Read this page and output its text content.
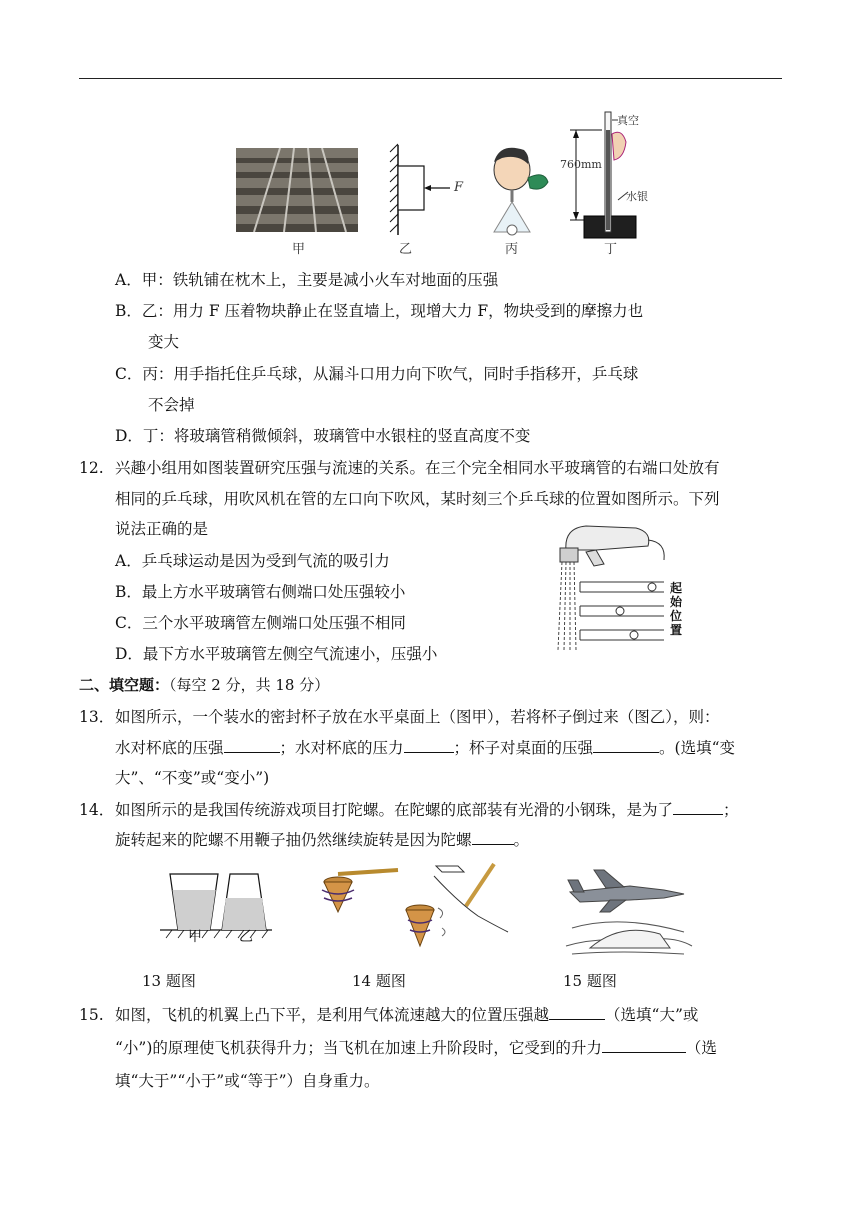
甲
F
乙	丙
真空
760mm
水银
丁
A．甲：铁轨铺在枕木上，主要是减小火车对地面的压强
B．乙：用力 F 压着物块静止在竖直墙上，现增大力 F，物块受到的摩擦力也
变大
C．丙：用手指托住乒乓球，从漏斗口用力向下吹气，同时手指移开，乒乓球
不会掉
D．丁：将玻璃管稍微倾斜，玻璃管中水银柱的竖直高度不变
12. 兴趣小组用如图装置研究压强与流速的关系。在三个完全相同水平玻璃管的右端口处放有
相同的乒乓球，用吹风机在管的左口向下吹风，某时刻三个乒乓球的位置如图所示。下列
说法正确的是
A．乒乓球运动是因为受到气流的吸引力
B．最上方水平玻璃管右侧端口处压强较小
C．三个水平玻璃管左侧端口处压强不相同
D．最下方水平玻璃管左侧空气流速小，压强小
起
始
位
置
二、填空题：（每空 2 分，共 18 分）
13． 如图所示，一个装水的密封杯子放在水平桌面上（图甲），若将杯子倒过来（图乙），则：
水对杯底的压强	；水对杯底的压力	；杯子对桌面的压强	。(选填“变
大”、“不变”或“变小”)
14． 如图所示的是我国传统游戏项目打陀螺。在陀螺的底部装有光滑的小钢珠，是为了	；
旋转起来的陀螺不用鞭子抽仍然继续旋转是因为陀螺	。
甲	乙
13 题图	14 题图	15 题图
15. 如图，飞机的机翼上凸下平，是利用气体流速越大的位置压强越	（选填“大”或
“小”)的原理使飞机获得升力；当飞机在加速上升阶段时，它受到的升力	（选
填“大于”“小于”或“等于”）自身重力。
